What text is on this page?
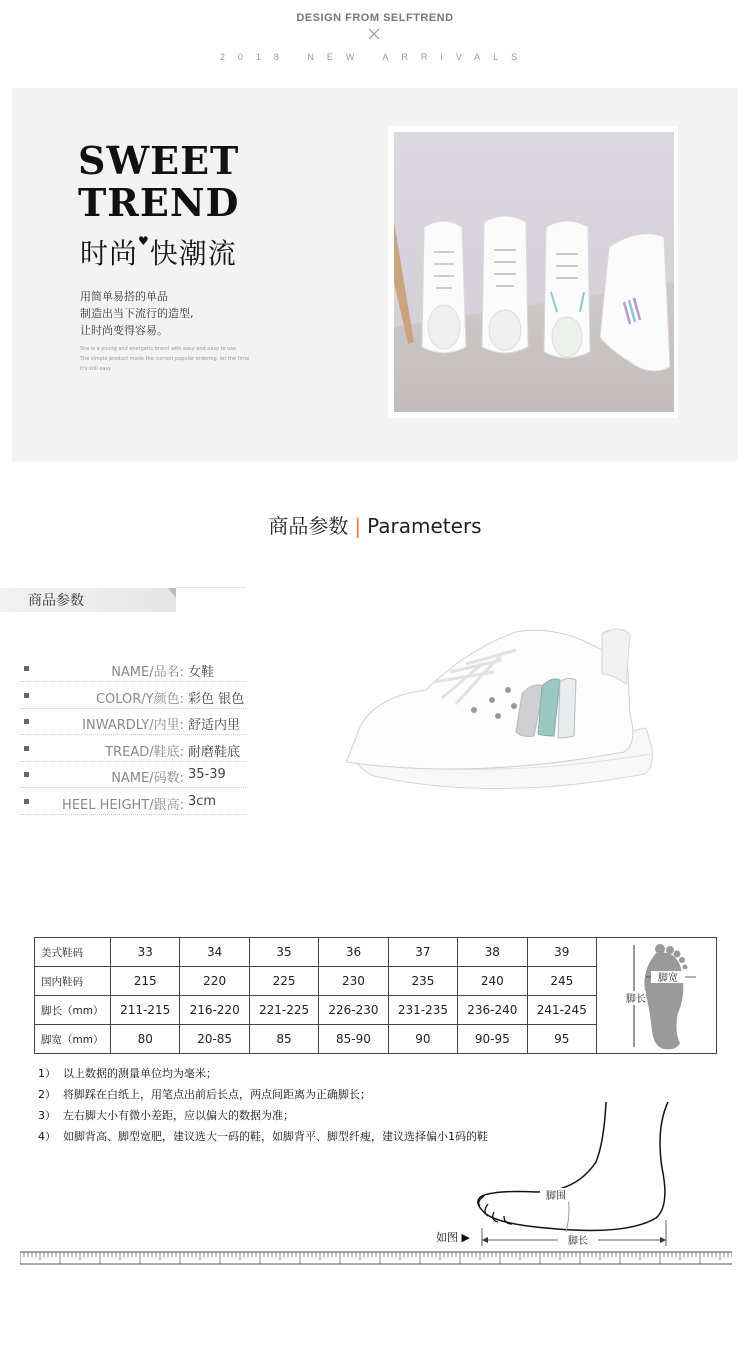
DESIGN FROM SELFTREND
2018 NEW ARRIVALS
SWEET
TREND
时尚♥快潮流
用简单易搭的单品
制造出当下流行的造型,
让时尚变得容易。
She is a young and energetic brand with easy and easy to use
The simple product made the current popular ordering, let the time
It's still easy
商品参数 | Parameters
商品参数
NAME/品名: 女鞋
COLOR/Y颜色: 彩色 银色
INWARDLY/内里: 舒适内里
TREAD/鞋底: 耐磨鞋底
NAME/码数: 35-39
HEEL HEIGHT/跟高: 3cm
美式鞋码	33	34	35	36	37	38	39	
国内鞋码	215	220	225	230	235	240	245	
脚长（mm）	211-215	216-220	221-225	226-230	231-235	236-240	241-245	
脚宽（mm）	80	20-85	85	85-90	90	90-95	95	
脚宽
脚长
1） 以上数据的测量单位均为毫米；
2） 将脚踩在白纸上，用笔点出前后长点，两点间距离为正确脚长；
3） 左右脚大小有微小差距，应以偏大的数据为准；
4） 如脚背高、脚型宽肥，建议选大一码的鞋，如脚背平、脚型纤瘦，建议选择偏小1码的鞋
脚围
脚长
如图 ▶
